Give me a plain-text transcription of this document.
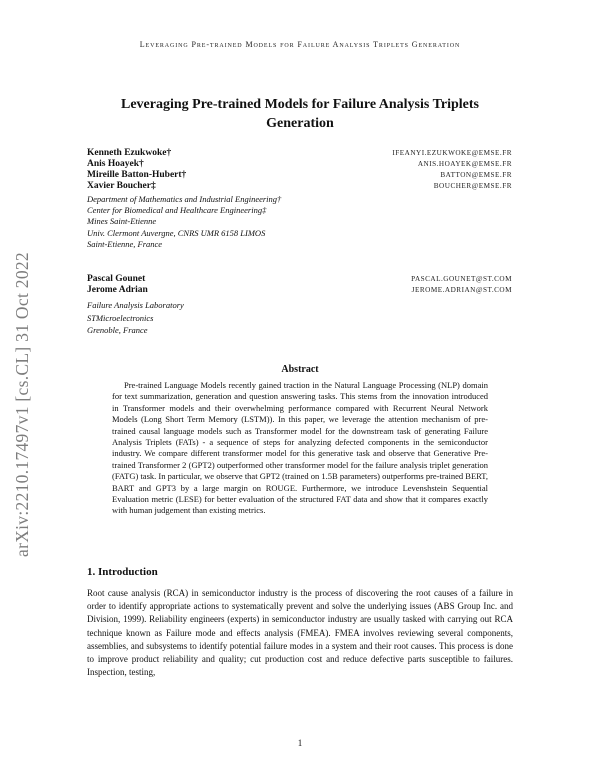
Leveraging Pre-trained Models for Failure Analysis Triplets Generation
arXiv:2210.17497v1 [cs.CL] 31 Oct 2022
Leveraging Pre-trained Models for Failure Analysis Triplets
Generation
Kenneth Ezukwoke†	IFEANYI.EZUKWOKE@EMSE.FR
Anis Hoayek†	ANIS.HOAYEK@EMSE.FR
Mireille Batton-Hubert†	BATTON@EMSE.FR
Xavier Boucher‡	BOUCHER@EMSE.FR
Department of Mathematics and Industrial Engineering†
Center for Biomedical and Healthcare Engineering‡
Mines Saint-Etienne
Univ. Clermont Auvergne, CNRS UMR 6158 LIMOS
Saint-Etienne, France
Pascal Gounet	PASCAL.GOUNET@ST.COM
Jerome Adrian	JEROME.ADRIAN@ST.COM
Failure Analysis Laboratory
STMicroelectronics
Grenoble, France
Abstract

Pre-trained Language Models recently gained traction in the Natural Language Processing (NLP) domain for text summarization, generation and question answering tasks. This stems from the innovation introduced in Transformer models and their overwhelming performance compared with Recurrent Neural Network Models (Long Short Term Memory (LSTM)). In this paper, we leverage the attention mechanism of pre-trained causal language models such as Transformer model for the downstream task of generating Failure Analysis Triplets (FATs) - a sequence of steps for analyzing defected components in the semiconductor industry. We compare different transformer model for this generative task and observe that Generative Pre-trained Transformer 2 (GPT2) outperformed other transformer model for the failure analysis triplet generation (FATG) task. In particular, we observe that GPT2 (trained on 1.5B parameters) outperforms pre-trained BERT, BART and GPT3 by a large margin on ROUGE. Furthermore, we introduce Levenshstein Sequential Evaluation metric (LESE) for better evaluation of the structured FAT data and show that it compares exactly with human judgement than existing metrics.

1. Introduction

Root cause analysis (RCA) in semiconductor industry is the process of discovering the root causes of a failure in order to identify appropriate actions to systematically prevent and solve the underlying issues (ABS Group Inc. and Division, 1999). Reliability engineers (experts) in semiconductor industry are usually tasked with carrying out RCA technique known as Failure mode and effects analysis (FMEA). FMEA involves reviewing several components, assemblies, and subsystems to identify potential failure modes in a system and their root causes. This process is done to improve product reliability and quality; cut production cost and reduce defective parts susceptible to failures. Inspection, testing,

1
